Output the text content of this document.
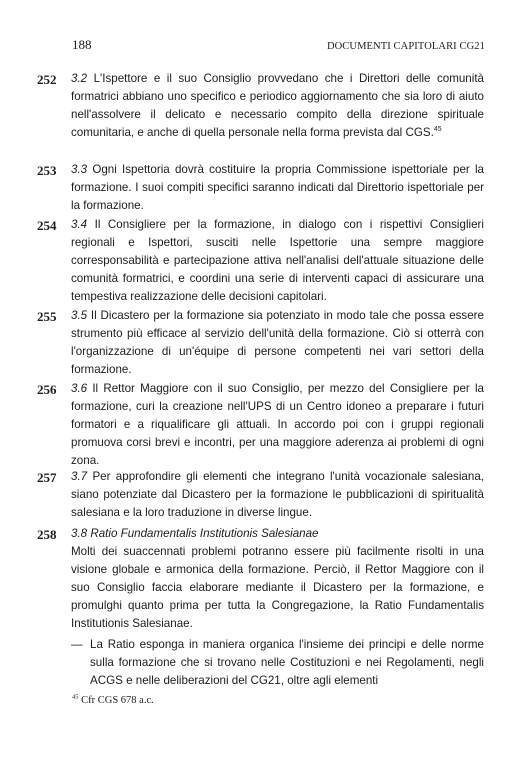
188	DOCUMENTI CAPITOLARI CG21
252 3.2 L'Ispettore e il suo Consiglio provvedano che i Direttori delle comunità formatrici abbiano uno specifico e periodico aggiornamento che sia loro di aiuto nell'assolvere il delicato e necessario compito della direzione spirituale comunitaria, e anche di quella personale nella forma prevista dal CGS.$^{45}$

253 3.3 Ogni Ispettoria dovrà costituire la propria Commissione ispettoriale per la formazione. I suoi compiti specifici saranno indicati dal Direttorio ispettoriale per la formazione.

254 3.4 Il Consigliere per la formazione, in dialogo con i rispettivi Consiglieri regionali e Ispettori, susciti nelle Ispettorie una sempre maggiore corresponsabilità e partecipazione attiva nell'analisi dell'attuale situazione delle comunità formatrici, e coordini una serie di interventi capaci di assicurare una tempestiva realizzazione delle decisioni capitolari.

255 3.5 Il Dicastero per la formazione sia potenziato in modo tale che possa essere strumento più efficace al servizio dell'unità della formazione. Ciò si otterrà con l'organizzazione di un'équipe di persone competenti nei vari settori della formazione.

256 3.6 Il Rettor Maggiore con il suo Consiglio, per mezzo del Consigliere per la formazione, curi la creazione nell'UPS di un Centro idoneo a preparare i futuri formatori e a riqualificare gli attuali. In accordo poi con i gruppi regionali promuova corsi brevi e incontri, per una maggiore aderenza ai problemi di ogni zona.

257 3.7 Per approfondire gli elementi che integrano l'unità vocazionale salesiana, siano potenziate dal Dicastero per la formazione le pubblicazioni di spiritualità salesiana e la loro traduzione in diverse lingue.

258 3.8 Ratio Fundamentalis Institutionis Salesianae

Molti dei suaccennati problemi potranno essere più facilmente risolti in una visione globale e armonica della formazione. Perciò, il Rettor Maggiore con il suo Consiglio faccia elaborare mediante il Dicastero per la formazione, e promulghi quanto prima per tutta la Congregazione, la Ratio Fundamentalis Institutionis Salesianae.

— La Ratio esponga in maniera organica l'insieme dei principi e delle norme sulla formazione che si trovano nelle Costituzioni e nei Regolamenti, negli ACGS e nelle deliberazioni del CG21, oltre agli elementi

$^{45}$ Cfr CGS 678 a.c.
